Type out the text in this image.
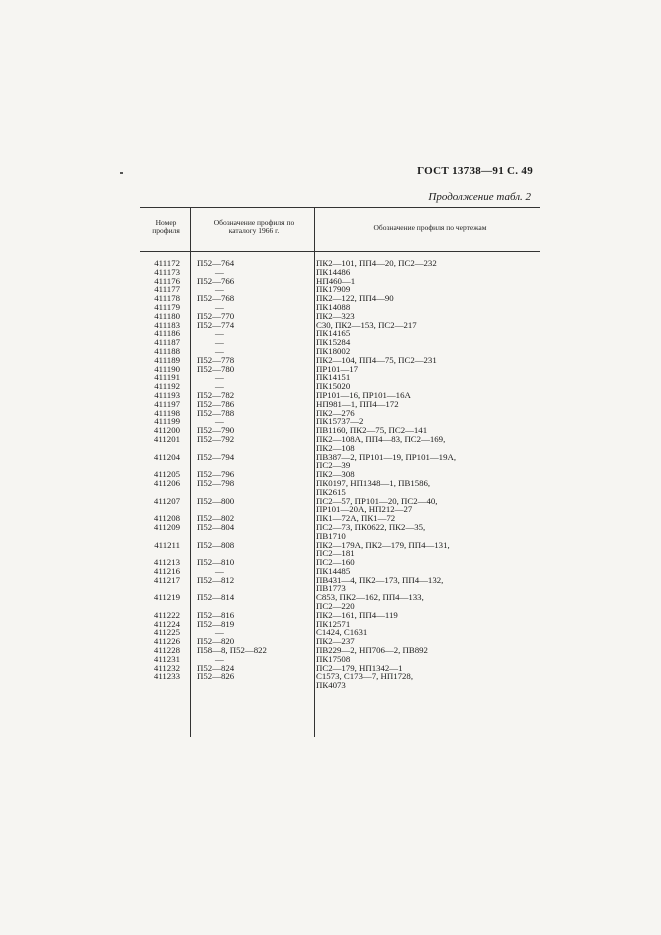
ГОСТ 13738—91 С. 49
Продолжение табл. 2
Номер профиля
Обозначение профиля по каталогу 1966 г.	Обозначение профиля по чертежам
411172 П52—764	ПК2—101, ПП4—20, ПС2—232
411173	—	ПК14486
411176 П52—766	НП460—1
411177	—	ПК17909
411178 П52—768	ПК2—122, ПП4—90
411179	—	ПК14088
411180 П52—770	ПК2—323
411183 П52—774	С30, ПК2—153, ПС2—217
411186	—	ПК14165
411187	—	ПК15284
411188	—	ПК18002
411189 П52—778	ПК2—104, ПП4—75, ПС2—231
411190 П52—780	ПР101—17
411191	—	ПК14151
411192	—	ПК15020
411193 П52—782	ПР101—16, ПР101—16А
411197 П52—786	НП981—1, ПП4—172
411198 П52—788	ПК2—276
411199	—	ПК15737—2
411200 П52—790	ПВ1160, ПК2—75, ПС2—141
411201 П52—792	ПК2—108А, ПП4—83, ПС2—169,
ПК2—108
411204 П52—794	ПВ387—2, ПР101—19, ПР101—19А,
ПС2—39
411205 П52—796	ПК2—308
411206 П52—798	ПК0197, НП1348—1, ПВ1586,
ПК2615
411207 П52—800	ПС2—57, ПР101—20, ПС2—40,
ПР101—20А, НП212—27
411208 П52—802	ПК1—72А, ПК1—72
411209 П52—804	ПС2—73, ПК0622, ПК2—35,
ПВ1710
411211 П52—808	ПК2—179А, ПК2—179, ПП4—131,
ПС2—181
411213 П52—810	ПС2—160
411216	—	ПК14485
411217 П52—812	ПВ431—4, ПК2—173, ПП4—132,
ПВ1773
411219 П52—814	С853, ПК2—162, ПП4—133,
ПС2—220
411222 П52—816	ПК2—161, ПП4—119
411224 П52—819	ПК12571
411225	—	С1424, С1631
411226 П52—820	ПК2—237
411228 П58—8, П52—822	ПВ229—2, НП706—2, ПВ892
411231	—	ПК17508
411232 П52—824	ПС2—179, НП1342—1
411233 П52—826	С1573, С173—7, НП1728,
ПК4073
